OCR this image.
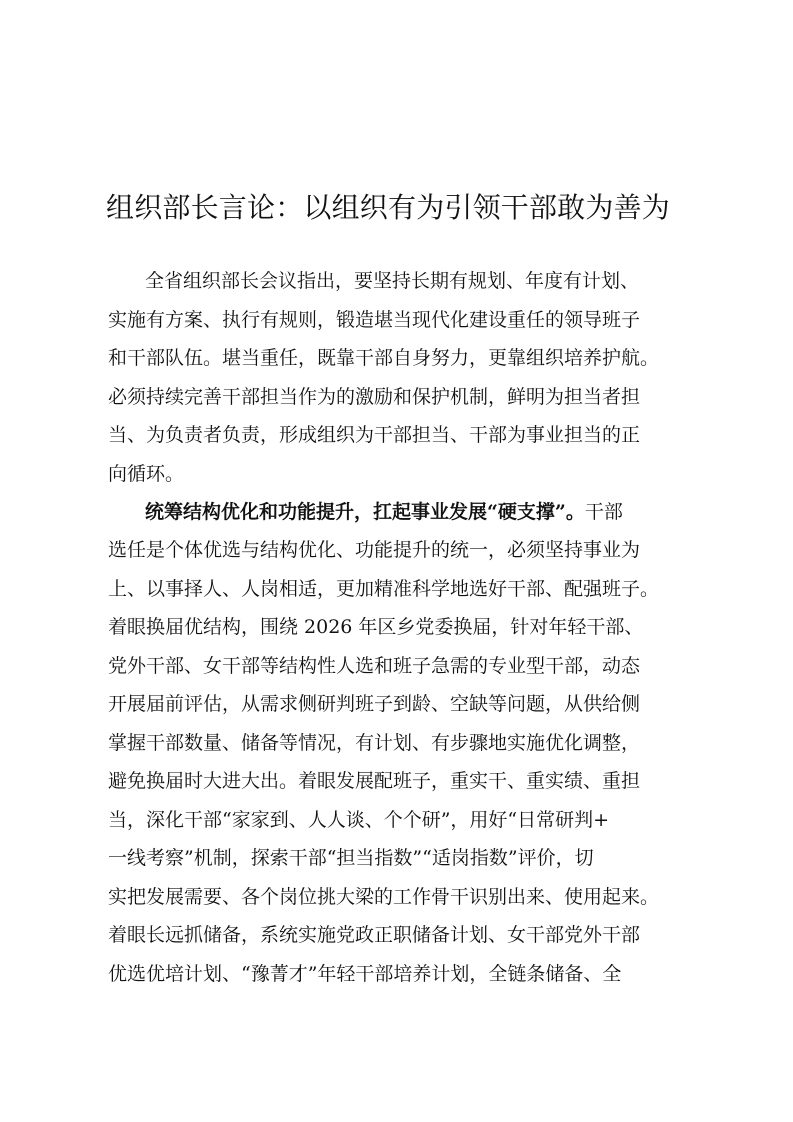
组织部长言论：以组织有为引领干部敢为善为
全省组织部长会议指出，要坚持长期有规划、年度有计划、
实施有方案、执行有规则，锻造堪当现代化建设重任的领导班子
和干部队伍。堪当重任，既靠干部自身努力，更靠组织培养护航。
必须持续完善干部担当作为的激励和保护机制，鲜明为担当者担
当、为负责者负责，形成组织为干部担当、干部为事业担当的正
向循环。
统筹结构优化和功能提升，扛起事业发展“硬支撑”。干部
选任是个体优选与结构优化、功能提升的统一，必须坚持事业为
上、以事择人、人岗相适，更加精准科学地选好干部、配强班子。
着眼换届优结构，围绕 2026 年区乡党委换届，针对年轻干部、
党外干部、女干部等结构性人选和班子急需的专业型干部，动态
开展届前评估，从需求侧研判班子到龄、空缺等问题，从供给侧
掌握干部数量、储备等情况，有计划、有步骤地实施优化调整，
避免换届时大进大出。着眼发展配班子，重实干、重实绩、重担
当，深化干部“家家到、人人谈、个个研”，用好“日常研判+
一线考察”机制，探索干部“担当指数”“适岗指数”评价，切
实把发展需要、各个岗位挑大梁的工作骨干识别出来、使用起来。
着眼长远抓储备，系统实施党政正职储备计划、女干部党外干部
优选优培计划、“豫菁才”年轻干部培养计划，全链条储备、全
